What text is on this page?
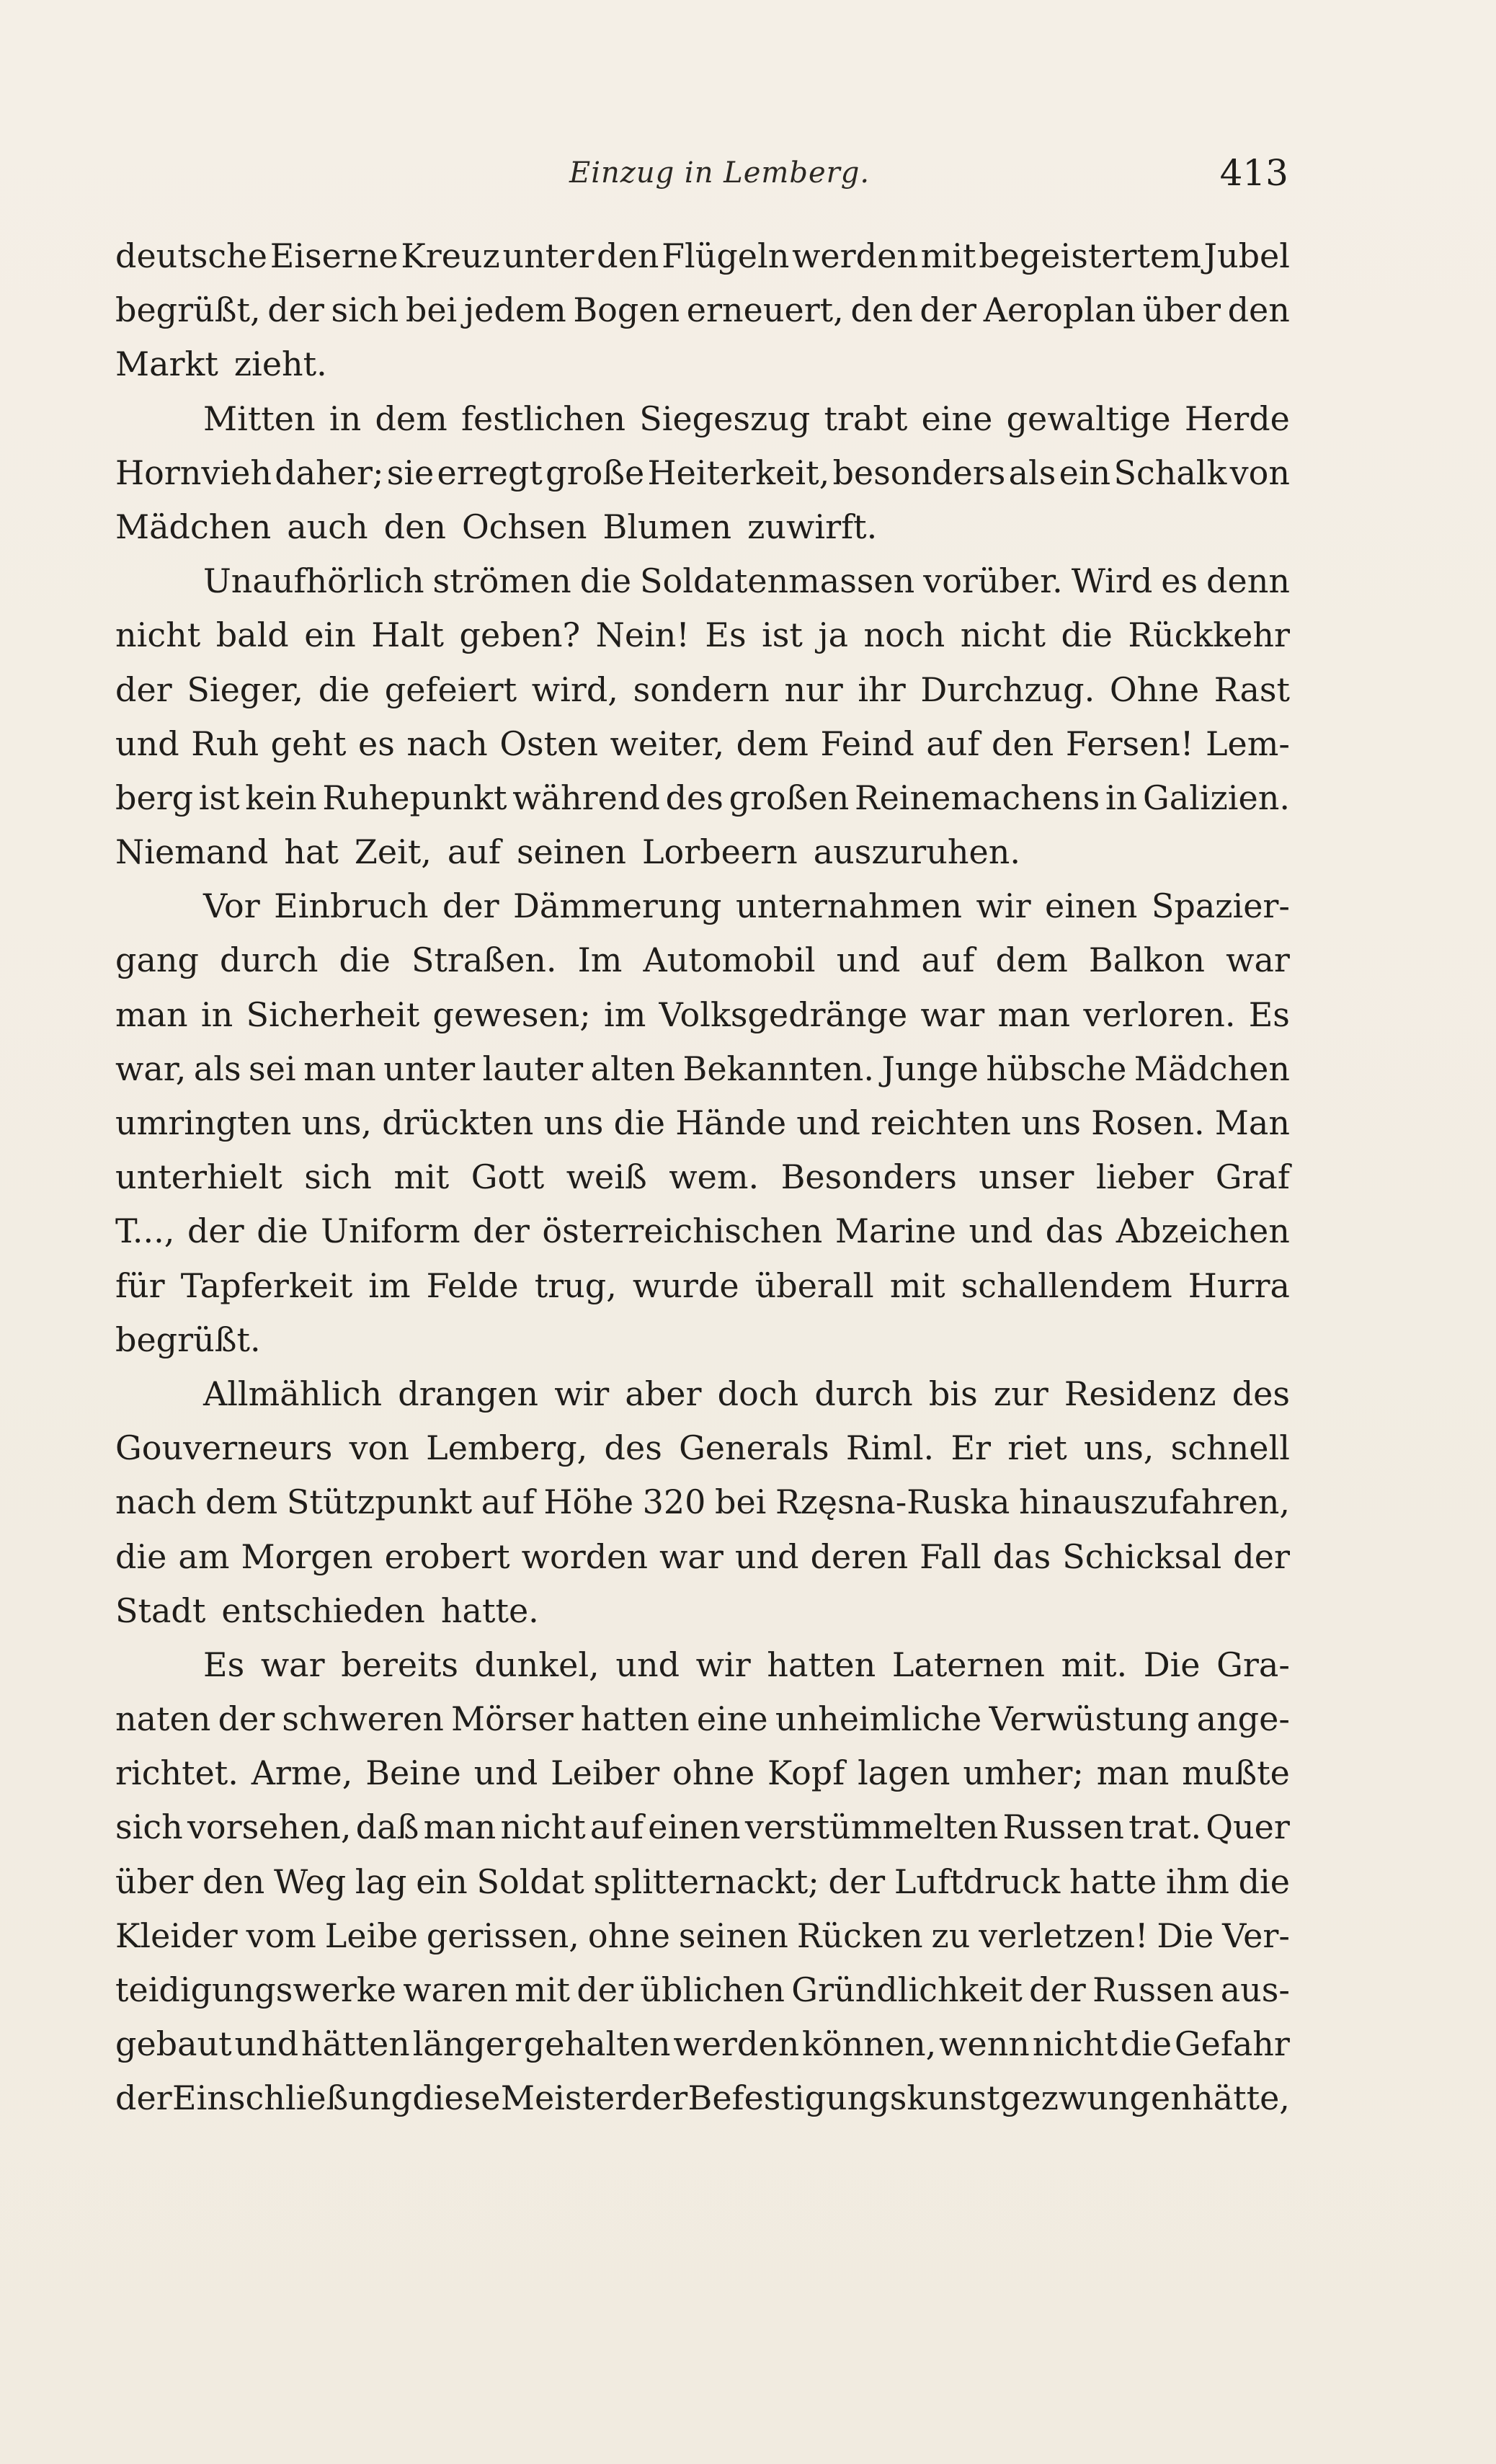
Einzug in Lemberg.	413
deutsche Eiserne Kreuz unter den Flügeln werden mit begeistertem Jubel
begrüßt, der sich bei jedem Bogen erneuert, den der Aeroplan über den
Markt zieht.
Mitten in dem festlichen Siegeszug trabt eine gewaltige Herde
Hornvieh daher; sie erregt große Heiterkeit, besonders als ein Schalk von
Mädchen auch den Ochsen Blumen zuwirft.
Unaufhörlich strömen die Soldatenmassen vorüber. Wird es denn
nicht bald ein Halt geben? Nein! Es ist ja noch nicht die Rückkehr
der Sieger, die gefeiert wird, sondern nur ihr Durchzug. Ohne Rast
und Ruh geht es nach Osten weiter, dem Feind auf den Fersen! Lem-
berg ist kein Ruhepunkt während des großen Reinemachens in Galizien.
Niemand hat Zeit, auf seinen Lorbeern auszuruhen.
Vor Einbruch der Dämmerung unternahmen wir einen Spazier-
gang durch die Straßen. Im Automobil und auf dem Balkon war
man in Sicherheit gewesen; im Volksgedränge war man verloren. Es
war, als sei man unter lauter alten Bekannten. Junge hübsche Mädchen
umringten uns, drückten uns die Hände und reichten uns Rosen. Man
unterhielt sich mit Gott weiß wem. Besonders unser lieber Graf
T..., der die Uniform der österreichischen Marine und das Abzeichen
für Tapferkeit im Felde trug, wurde überall mit schallendem Hurra
begrüßt.
Allmählich drangen wir aber doch durch bis zur Residenz des
Gouverneurs von Lemberg, des Generals Riml. Er riet uns, schnell
nach dem Stützpunkt auf Höhe 320 bei Rzęsna-Ruska hinauszufahren,
die am Morgen erobert worden war und deren Fall das Schicksal der
Stadt entschieden hatte.
Es war bereits dunkel, und wir hatten Laternen mit. Die Gra-
naten der schweren Mörser hatten eine unheimliche Verwüstung ange-
richtet. Arme, Beine und Leiber ohne Kopf lagen umher; man mußte
sich vorsehen, daß man nicht auf einen verstümmelten Russen trat. Quer
über den Weg lag ein Soldat splitternackt; der Luftdruck hatte ihm die
Kleider vom Leibe gerissen, ohne seinen Rücken zu verletzen! Die Ver-
teidigungswerke waren mit der üblichen Gründlichkeit der Russen aus-
gebaut und hätten länger gehalten werden können, wenn nicht die Gefahr
der Einschließung diese Meister der Befestigungskunst gezwungen hätte,
